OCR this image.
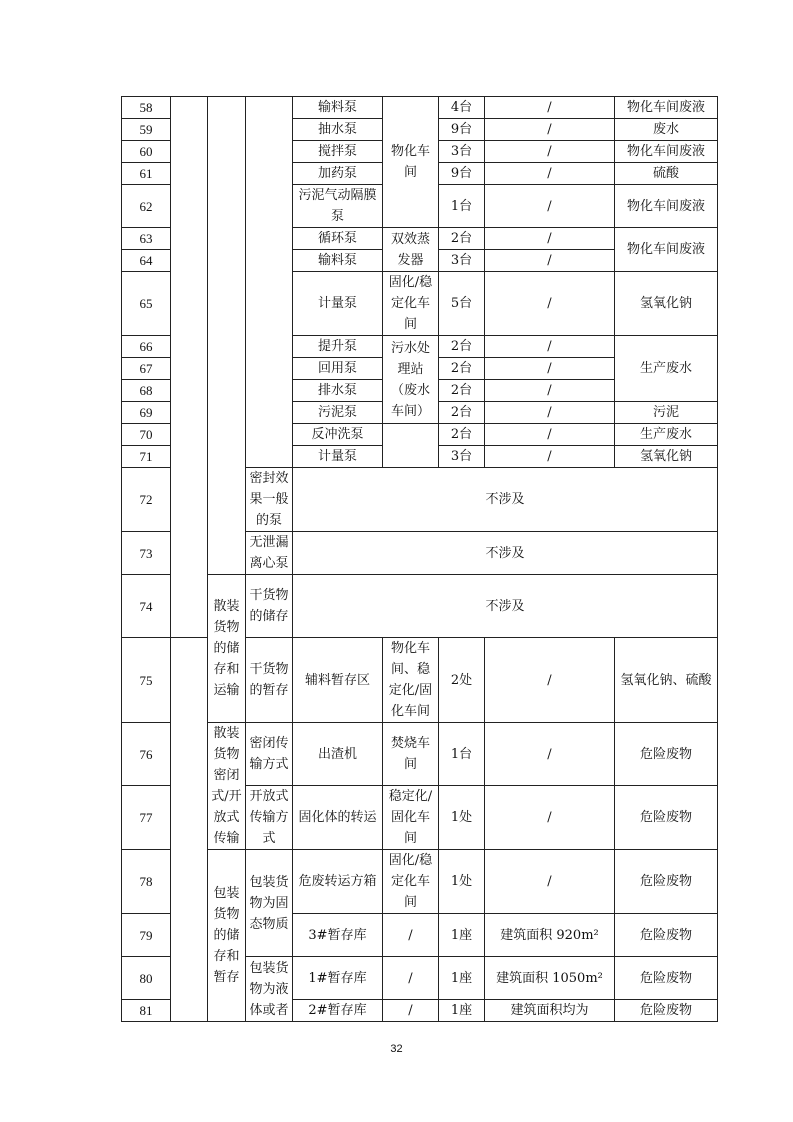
58				输料泵	物化车间	4台	/	物化车间废液
59				抽水泵		9台	/	废水
60				搅拌泵		3台	/	物化车间废液
61				加药泵		9台	/	硫酸
62				污泥气动隔膜泵		1台	/	物化车间废液
63				循环泵	双效蒸发器	2台	/	物化车间废液
64				输料泵		3台	/	
65				计量泵	固化/稳定化车间	5台	/	氢氧化钠
66				提升泵	污水处理站（废水车间）	2台	/	生产废水
67				回用泵		2台	/	
68				排水泵		2台	/	
69				污泥泵		2台	/	污泥
70				反冲洗泵		2台	/	生产废水
71				计量泵		3台	/	氢氧化钠
72			密封效果一般的泵	不涉及				
73			无泄漏离心泵	不涉及				
74		散装货物的储存和运输	干货物的储存	不涉及				
75			干货物的暂存	辅料暂存区	物化车间、稳定化/固化车间	2处	/	氢氧化钠、硫酸
76		散装货物密闭式/开放式传输	密闭传输方式	出渣机	焚烧车间	1台	/	危险废物
77			开放式传输方式	固化体的转运	稳定化/固化车间	1处	/	危险废物
78		包装货物的储存和暂存	包装货物为固态物质	危废转运方箱	固化/稳定化车间	1处	/	危险废物
79				3#暂存库	/	1座	建筑面积 920m²	危险废物
80			包装货物为液体或者	1#暂存库	/	1座	建筑面积 1050m²	危险废物
81				2#暂存库	/	1座	建筑面积均为	危险废物
32
